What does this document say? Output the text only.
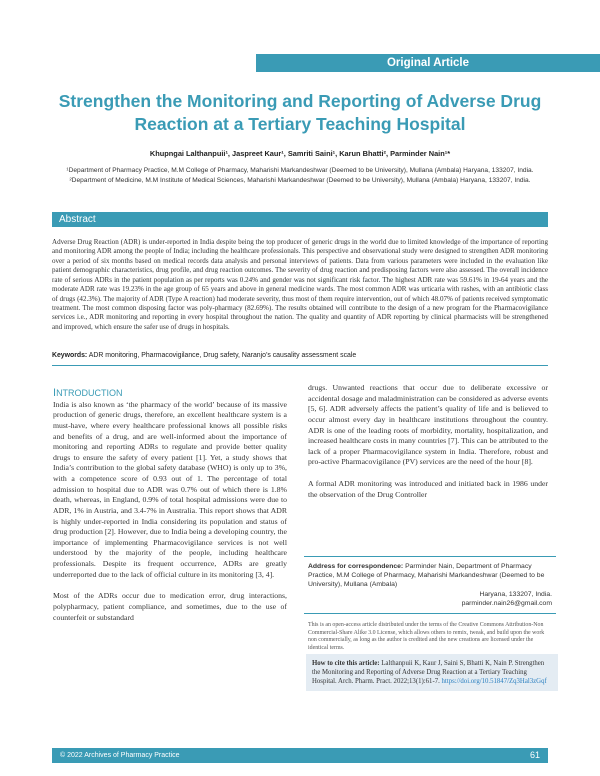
Original Article
Strengthen the Monitoring and Reporting of Adverse Drug Reaction at a Tertiary Teaching Hospital
Khupngai Lalthanpuii¹, Jaspreet Kaur¹, Samriti Saini¹, Karun Bhatti², Parminder Nain¹*
¹Department of Pharmacy Practice, M.M College of Pharmacy, Maharishi Markandeshwar (Deemed to be University), Mullana (Ambala) Haryana, 133207, India. ²Department of Medicine, M.M Institute of Medical Sciences, Maharishi Markandeshwar (Deemed to be University), Mullana (Ambala) Haryana, 133207, India.
Abstract
Adverse Drug Reaction (ADR) is under-reported in India despite being the top producer of generic drugs in the world due to limited knowledge of the importance of reporting and monitoring ADR among the people of India; including the healthcare professionals. This perspective and observational study were designed to strengthen ADR monitoring over a period of six months based on medical records data analysis and personal interviews of patients. Data from various parameters were included in the evaluation like patient demographic characteristics, drug profile, and drug reaction outcomes. The severity of drug reaction and predisposing factors were also assessed. The overall incidence rate of serious ADRs in the patient population as per reports was 0.24% and gender was not significant risk factor. The highest ADR rate was 59.61% in 19-64 years and the moderate ADR rate was 19.23% in the age group of 65 years and above in general medicine wards. The most common ADR was urticaria with rashes, with an antibiotic class of drugs (42.3%). The majority of ADR (Type A reaction) had moderate severity, thus most of them require intervention, out of which 48.07% of patients received symptomatic treatment. The most common disposing factor was poly-pharmacy (82.69%). The results obtained will contribute to the design of a new program for the Pharmacovigilance services i.e., ADR monitoring and reporting in every hospital throughout the nation. The quality and quantity of ADR reporting by clinical pharmacists will be strengthened and improved, which ensure the safer use of drugs in hospitals.
Keywords: ADR monitoring, Pharmacovigilance, Drug safety, Naranjo’s causality assessment scale
INTRODUCTION

India is also known as ‘the pharmacy of the world’ because of its massive production of generic drugs, therefore, an excellent healthcare system is a must-have, where every healthcare professional knows all possible risks and benefits of a drug, and are well-informed about the importance of monitoring and reporting ADRs to regulate and provide better quality drugs to ensure the safety of every patient [1]. Yet, a study shows that India’s contribution to the global safety database (WHO) is only up to 3%, with a competence score of 0.93 out of 1. The percentage of total admission to hospital due to ADR was 0.7% out of which there is 1.8% death, whereas, in England, 0.9% of total hospital admissions were due to ADR, 1% in Austria, and 3.4-7% in Australia. This report shows that ADR is highly under-reported in India considering its population and status of drug production [2]. However, due to India being a developing country, the importance of implementing Pharmacovigilance services is not well understood by the majority of the people, including healthcare professionals. Despite its frequent occurrence, ADRs are greatly underreported due to the lack of official culture in its monitoring [3, 4].

Most of the ADRs occur due to medication error, drug interactions, polypharmacy, patient compliance, and sometimes, due to the use of counterfeit or substandard

drugs. Unwanted reactions that occur due to deliberate excessive or accidental dosage and maladministration can be considered as adverse events [5, 6]. ADR adversely affects the patient’s quality of life and is believed to occur almost every day in healthcare institutions throughout the country. ADR is one of the leading roots of morbidity, mortality, hospitalization, and increased healthcare costs in many countries [7]. This can be attributed to the lack of a proper Pharmacovigilance system in India. Therefore, robust and pro-active Pharmacovigilance (PV) services are the need of the hour [8].

A formal ADR monitoring was introduced and initiated back in 1986 under the observation of the Drug Controller

Address for correspondence: Parminder Nain, Department of Pharmacy Practice, M.M College of Pharmacy, Maharishi Markandeshwar (Deemed to be University), Mullana (Ambala)
Haryana, 133207, India.
parminder.nain26@gmail.com
This is an open-access article distributed under the terms of the Creative Commons Attribution-Non Commercial-Share Alike 3.0 License, which allows others to remix, tweak, and build upon the work non commercially, as long as the author is credited and the new creations are licensed under the identical terms.
How to cite this article: Lalthanpuii K, Kaur J, Saini S, Bhatti K, Nain P. Strengthen the Monitoring and Reporting of Adverse Drug Reaction at a Tertiary Teaching Hospital. Arch. Pharm. Pract. 2022;13(1):61-7. https://doi.org/10.51847/Zq3Hal3zGqf
© 2022 Archives of Pharmacy Practice	61
